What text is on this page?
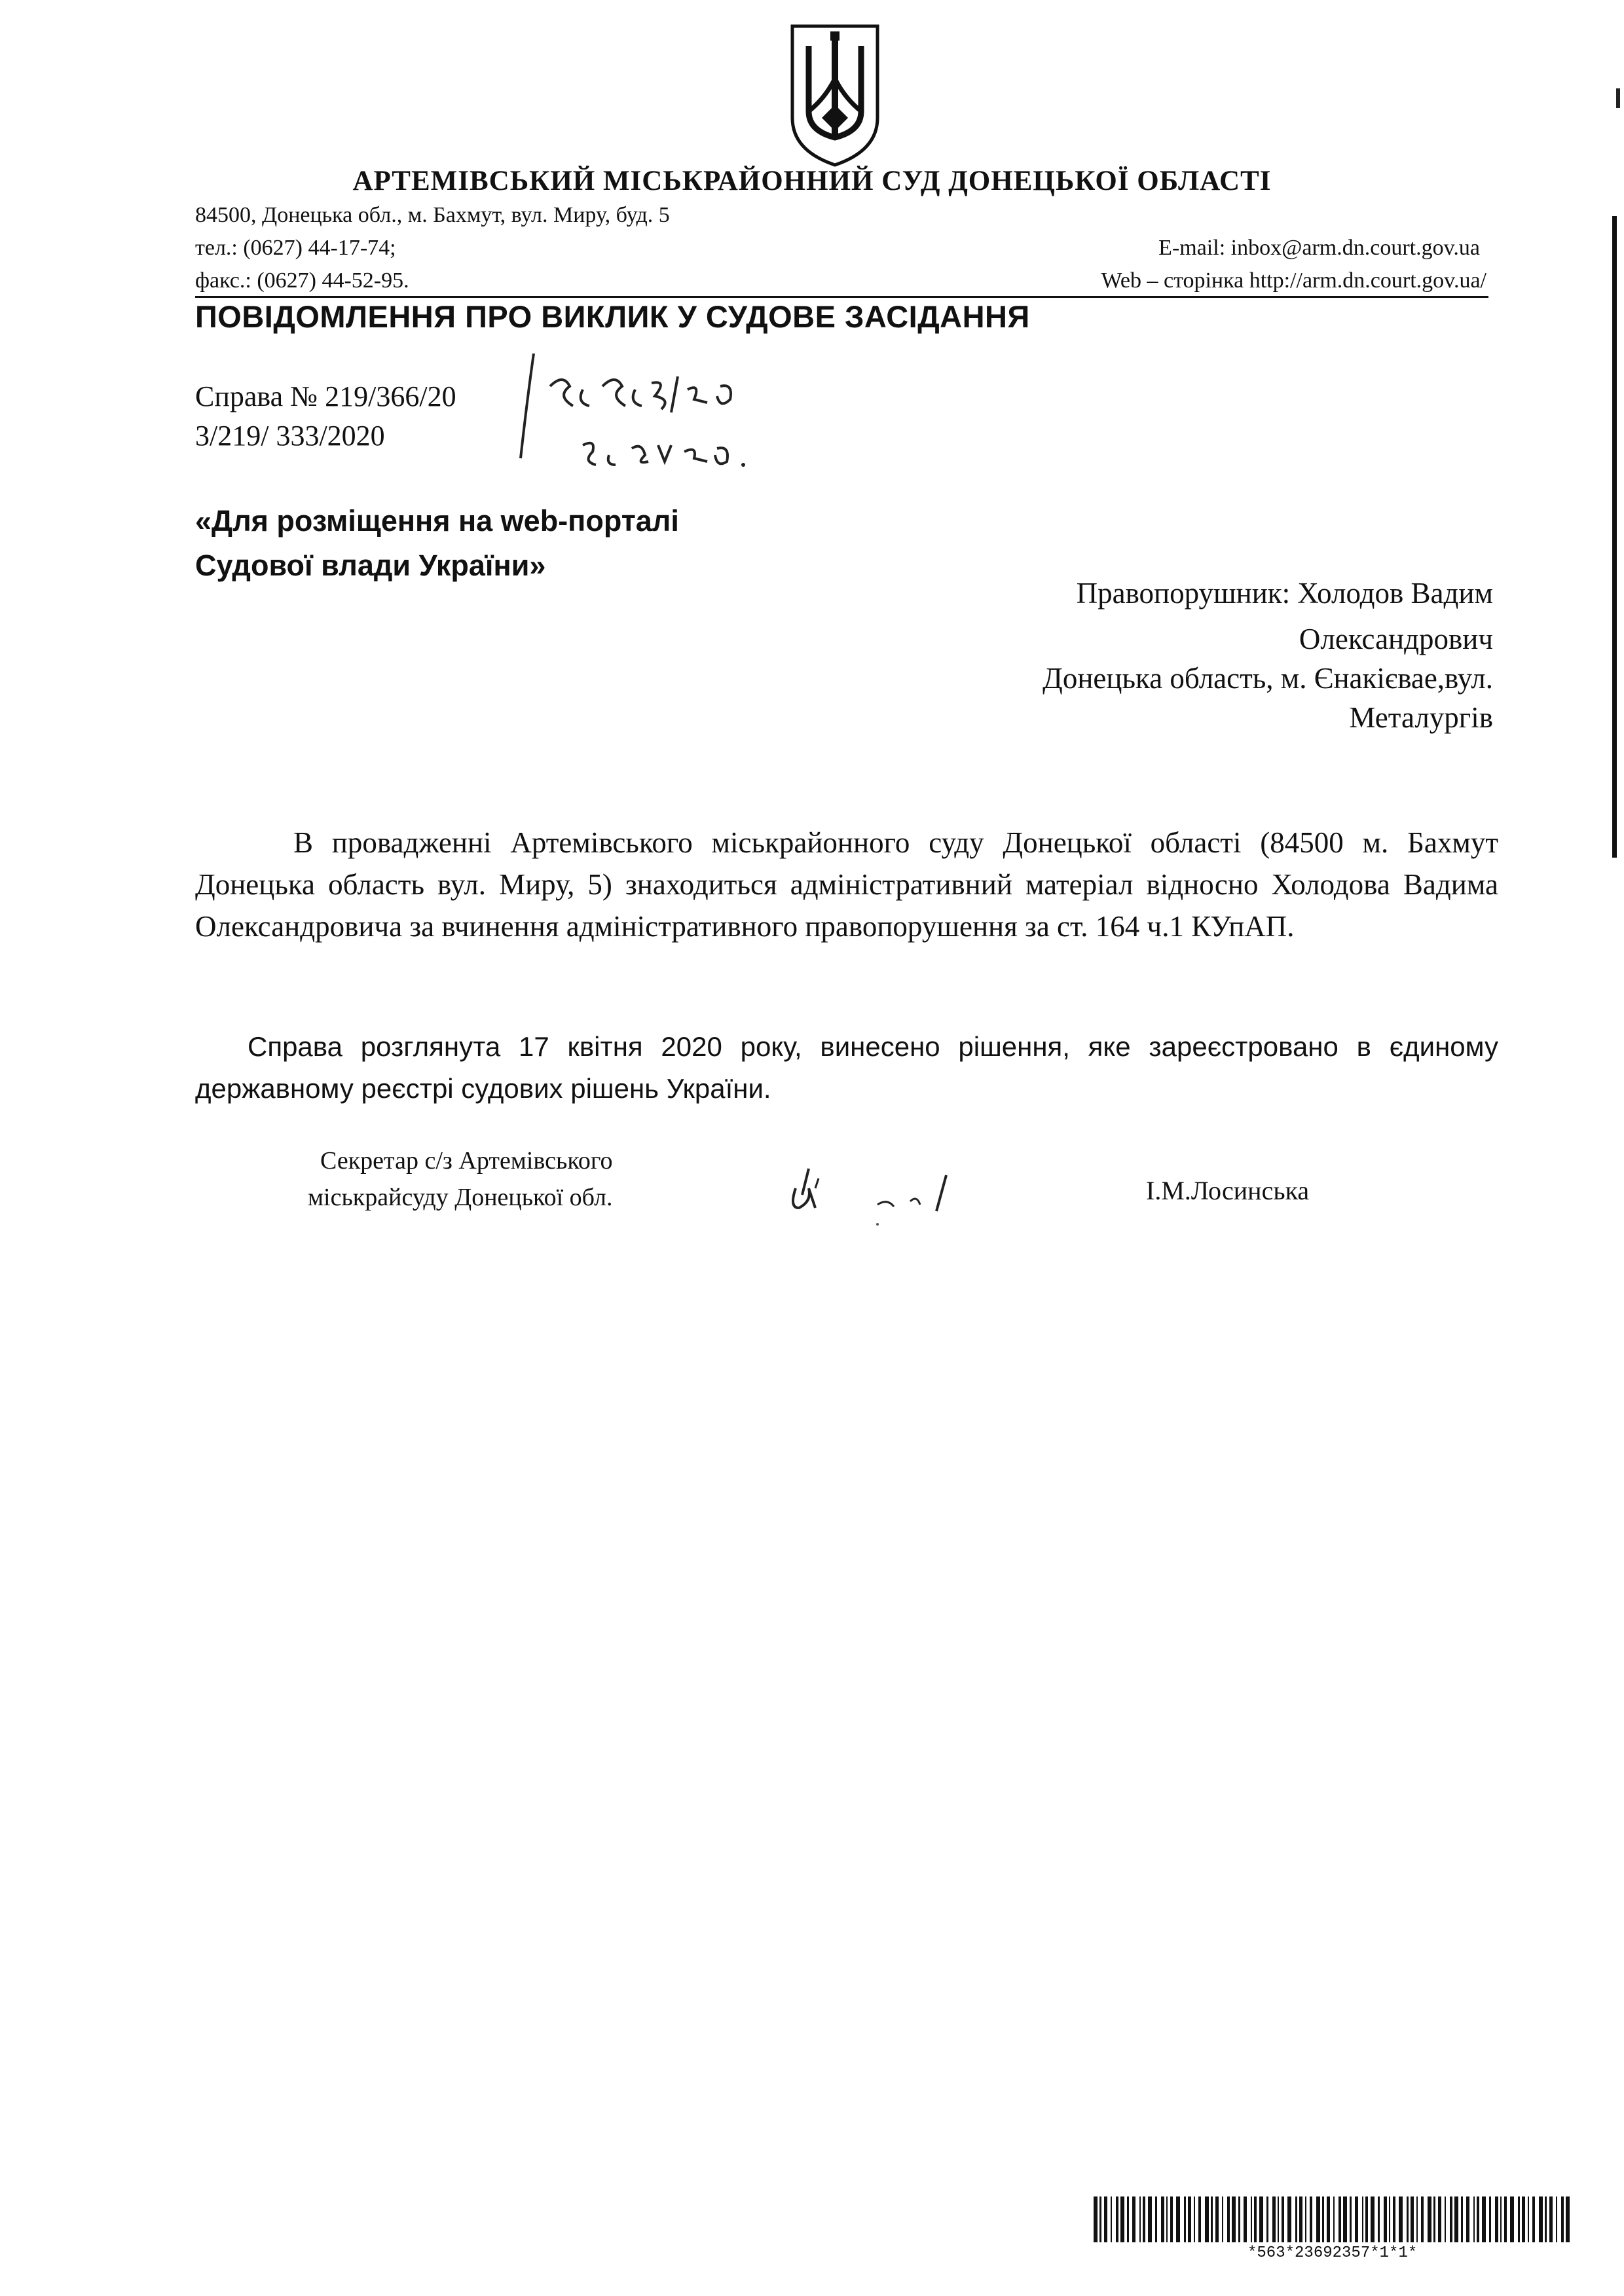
АРТЕМІВСЬКИЙ МІСЬКРАЙОННИЙ СУД ДОНЕЦЬКОЇ ОБЛАСТІ
84500, Донецька обл., м. Бахмут, вул. Миру, буд. 5
тел.: (0627) 44-17-74;
факс.: (0627) 44-52-95.
E-mail: inbox@arm.dn.court.gov.ua
Web – сторінка http://arm.dn.court.gov.ua/
ПОВІДОМЛЕННЯ ПРО ВИКЛИК У СУДОВЕ ЗАСІДАННЯ
Справа № 219/366/20
3/219/ 333/2020
«Для розміщення на web-порталі
Судової влади України»
Правопорушник: Холодов Вадим
Олександрович
Донецька область, м. Єнакієвае,вул.
Металургів
В провадженні Артемівського міськрайонного суду Донецької області (84500 м. Бахмут Донецька область вул. Миру, 5) знаходиться адміністративний матеріал відносно Холодова Вадима Олександровича за вчинення адміністративного правопорушення за ст. 164 ч.1 КУпАП.
Справа розглянута 17 квітня 2020 року, винесено рішення, яке зареєстровано в єдиному державному реєстрі судових рішень України.
Секретар с/з Артемівського
міськрайсуду Донецької обл.	І.М.Лосинська
*563*23692357*1*1*
